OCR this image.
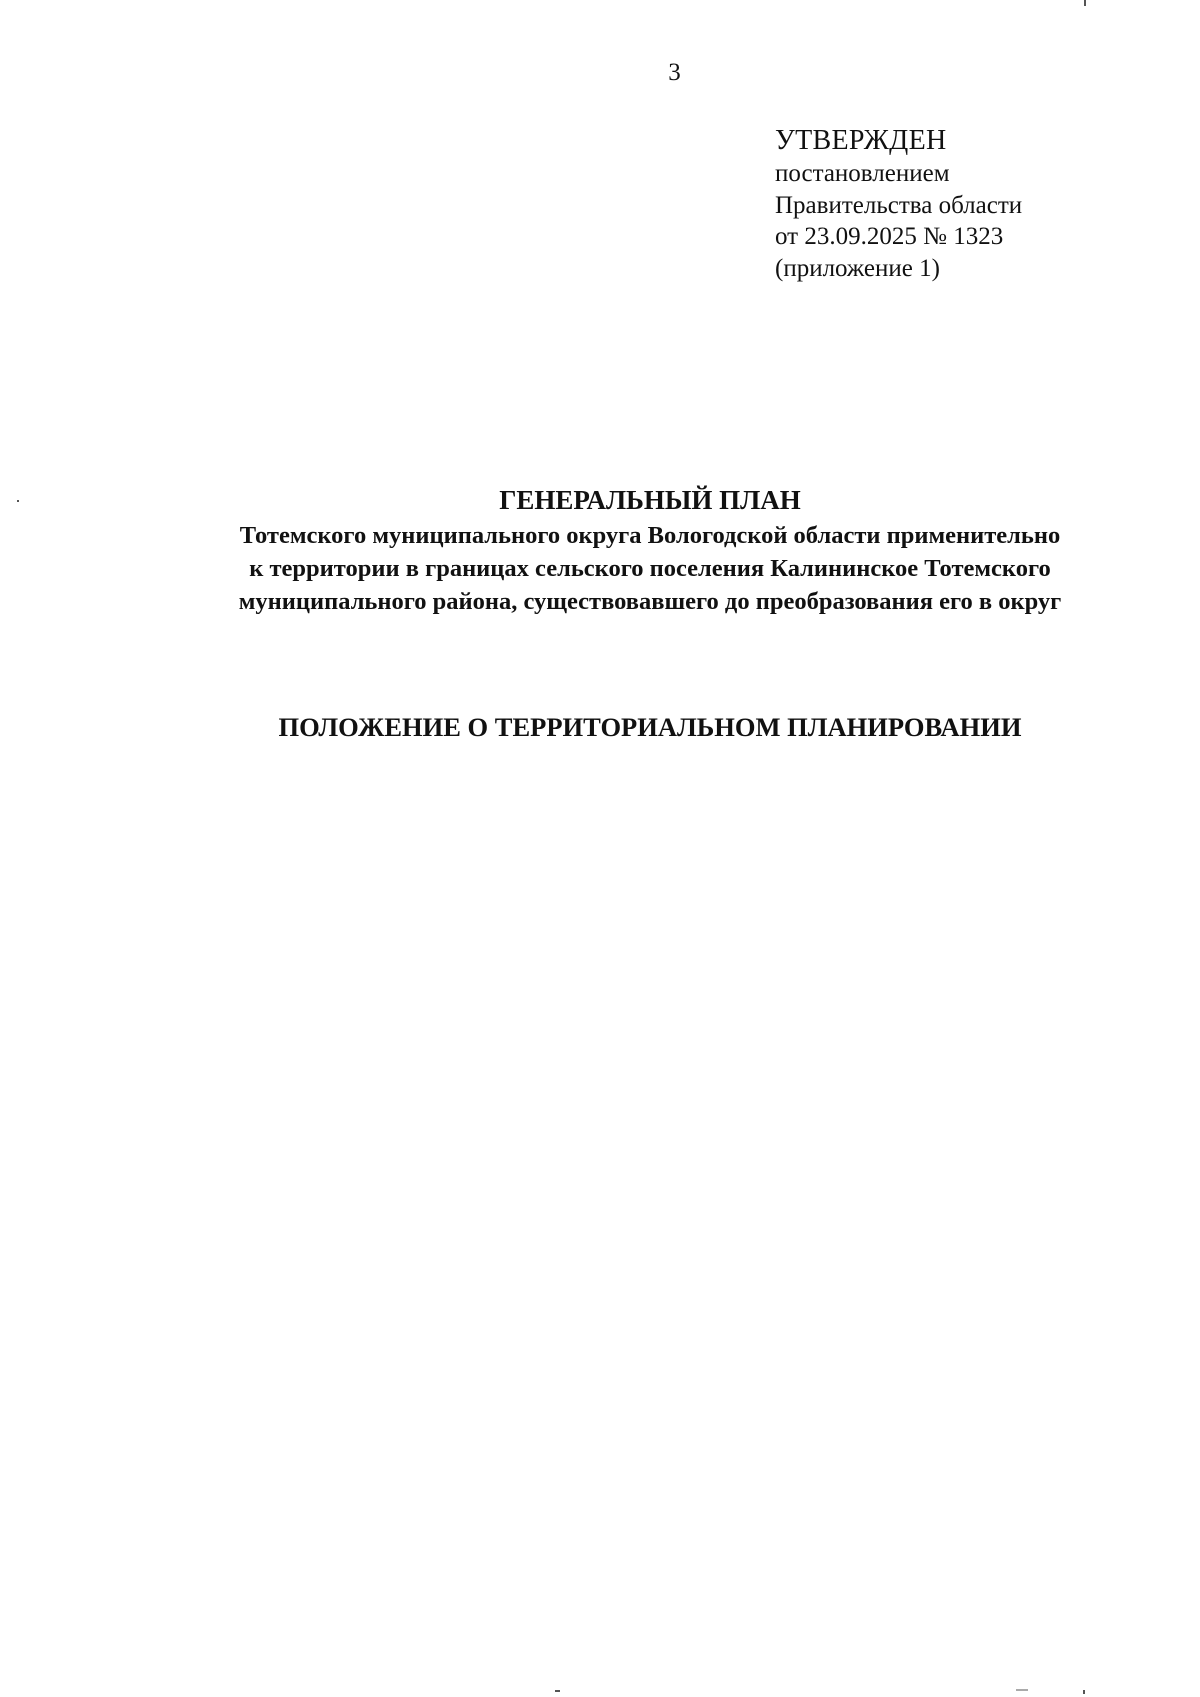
3
УТВЕРЖДЕН
постановлением
Правительства области
от 23.09.2025 № 1323
(приложение 1)
ГЕНЕРАЛЬНЫЙ ПЛАН
Тотемского муниципального округа Вологодской области применительно
к территории в границах сельского поселения Калининское Тотемского
муниципального района, существовавшего до преобразования его в округ
ПОЛОЖЕНИЕ О ТЕРРИТОРИАЛЬНОМ ПЛАНИРОВАНИИ
